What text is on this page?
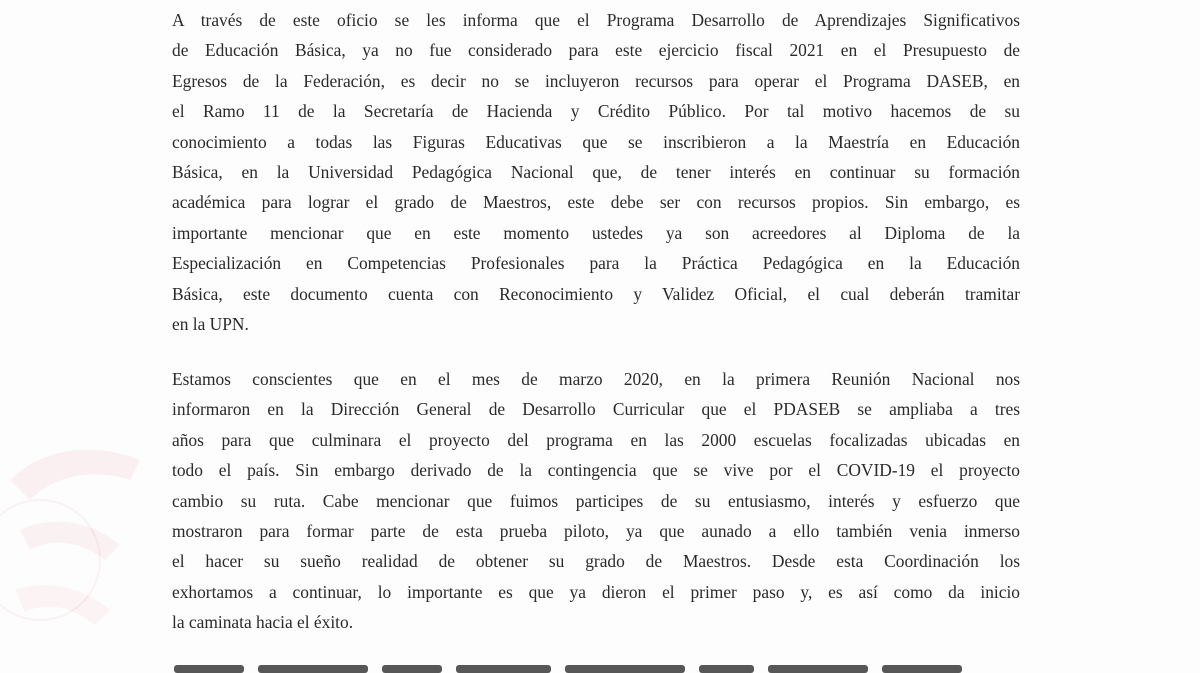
A través de este oficio se les informa que el Programa Desarrollo de Aprendizajes Significativos
de Educación Básica, ya no fue considerado para este ejercicio fiscal 2021 en el Presupuesto de
Egresos de la Federación, es decir no se incluyeron recursos para operar el Programa DASEB, en
el Ramo 11 de la Secretaría de Hacienda y Crédito Público. Por tal motivo hacemos de su
conocimiento a todas las Figuras Educativas que se inscribieron a la Maestría en Educación
Básica, en la Universidad Pedagógica Nacional que, de tener interés en continuar su formación
académica para lograr el grado de Maestros, este debe ser con recursos propios. Sin embargo, es
importante mencionar que en este momento ustedes ya son acreedores al Diploma de la
Especialización en Competencias Profesionales para la Práctica Pedagógica en la Educación
Básica, este documento cuenta con Reconocimiento y Validez Oficial, el cual deberán tramitar
en la UPN.
Estamos conscientes que en el mes de marzo 2020, en la primera Reunión Nacional nos
informaron en la Dirección General de Desarrollo Curricular que el PDASEB se ampliaba a tres
años para que culminara el proyecto del programa en las 2000 escuelas focalizadas ubicadas en
todo el país. Sin embargo derivado de la contingencia que se vive por el COVID-19 el proyecto
cambio su ruta. Cabe mencionar que fuimos participes de su entusiasmo, interés y esfuerzo que
mostraron para formar parte de esta prueba piloto, ya que aunado a ello también venia inmerso
el hacer su sueño realidad de obtener su grado de Maestros. Desde esta Coordinación los
exhortamos a continuar, lo importante es que ya dieron el primer paso y, es así como da inicio
la caminata hacia el éxito.
